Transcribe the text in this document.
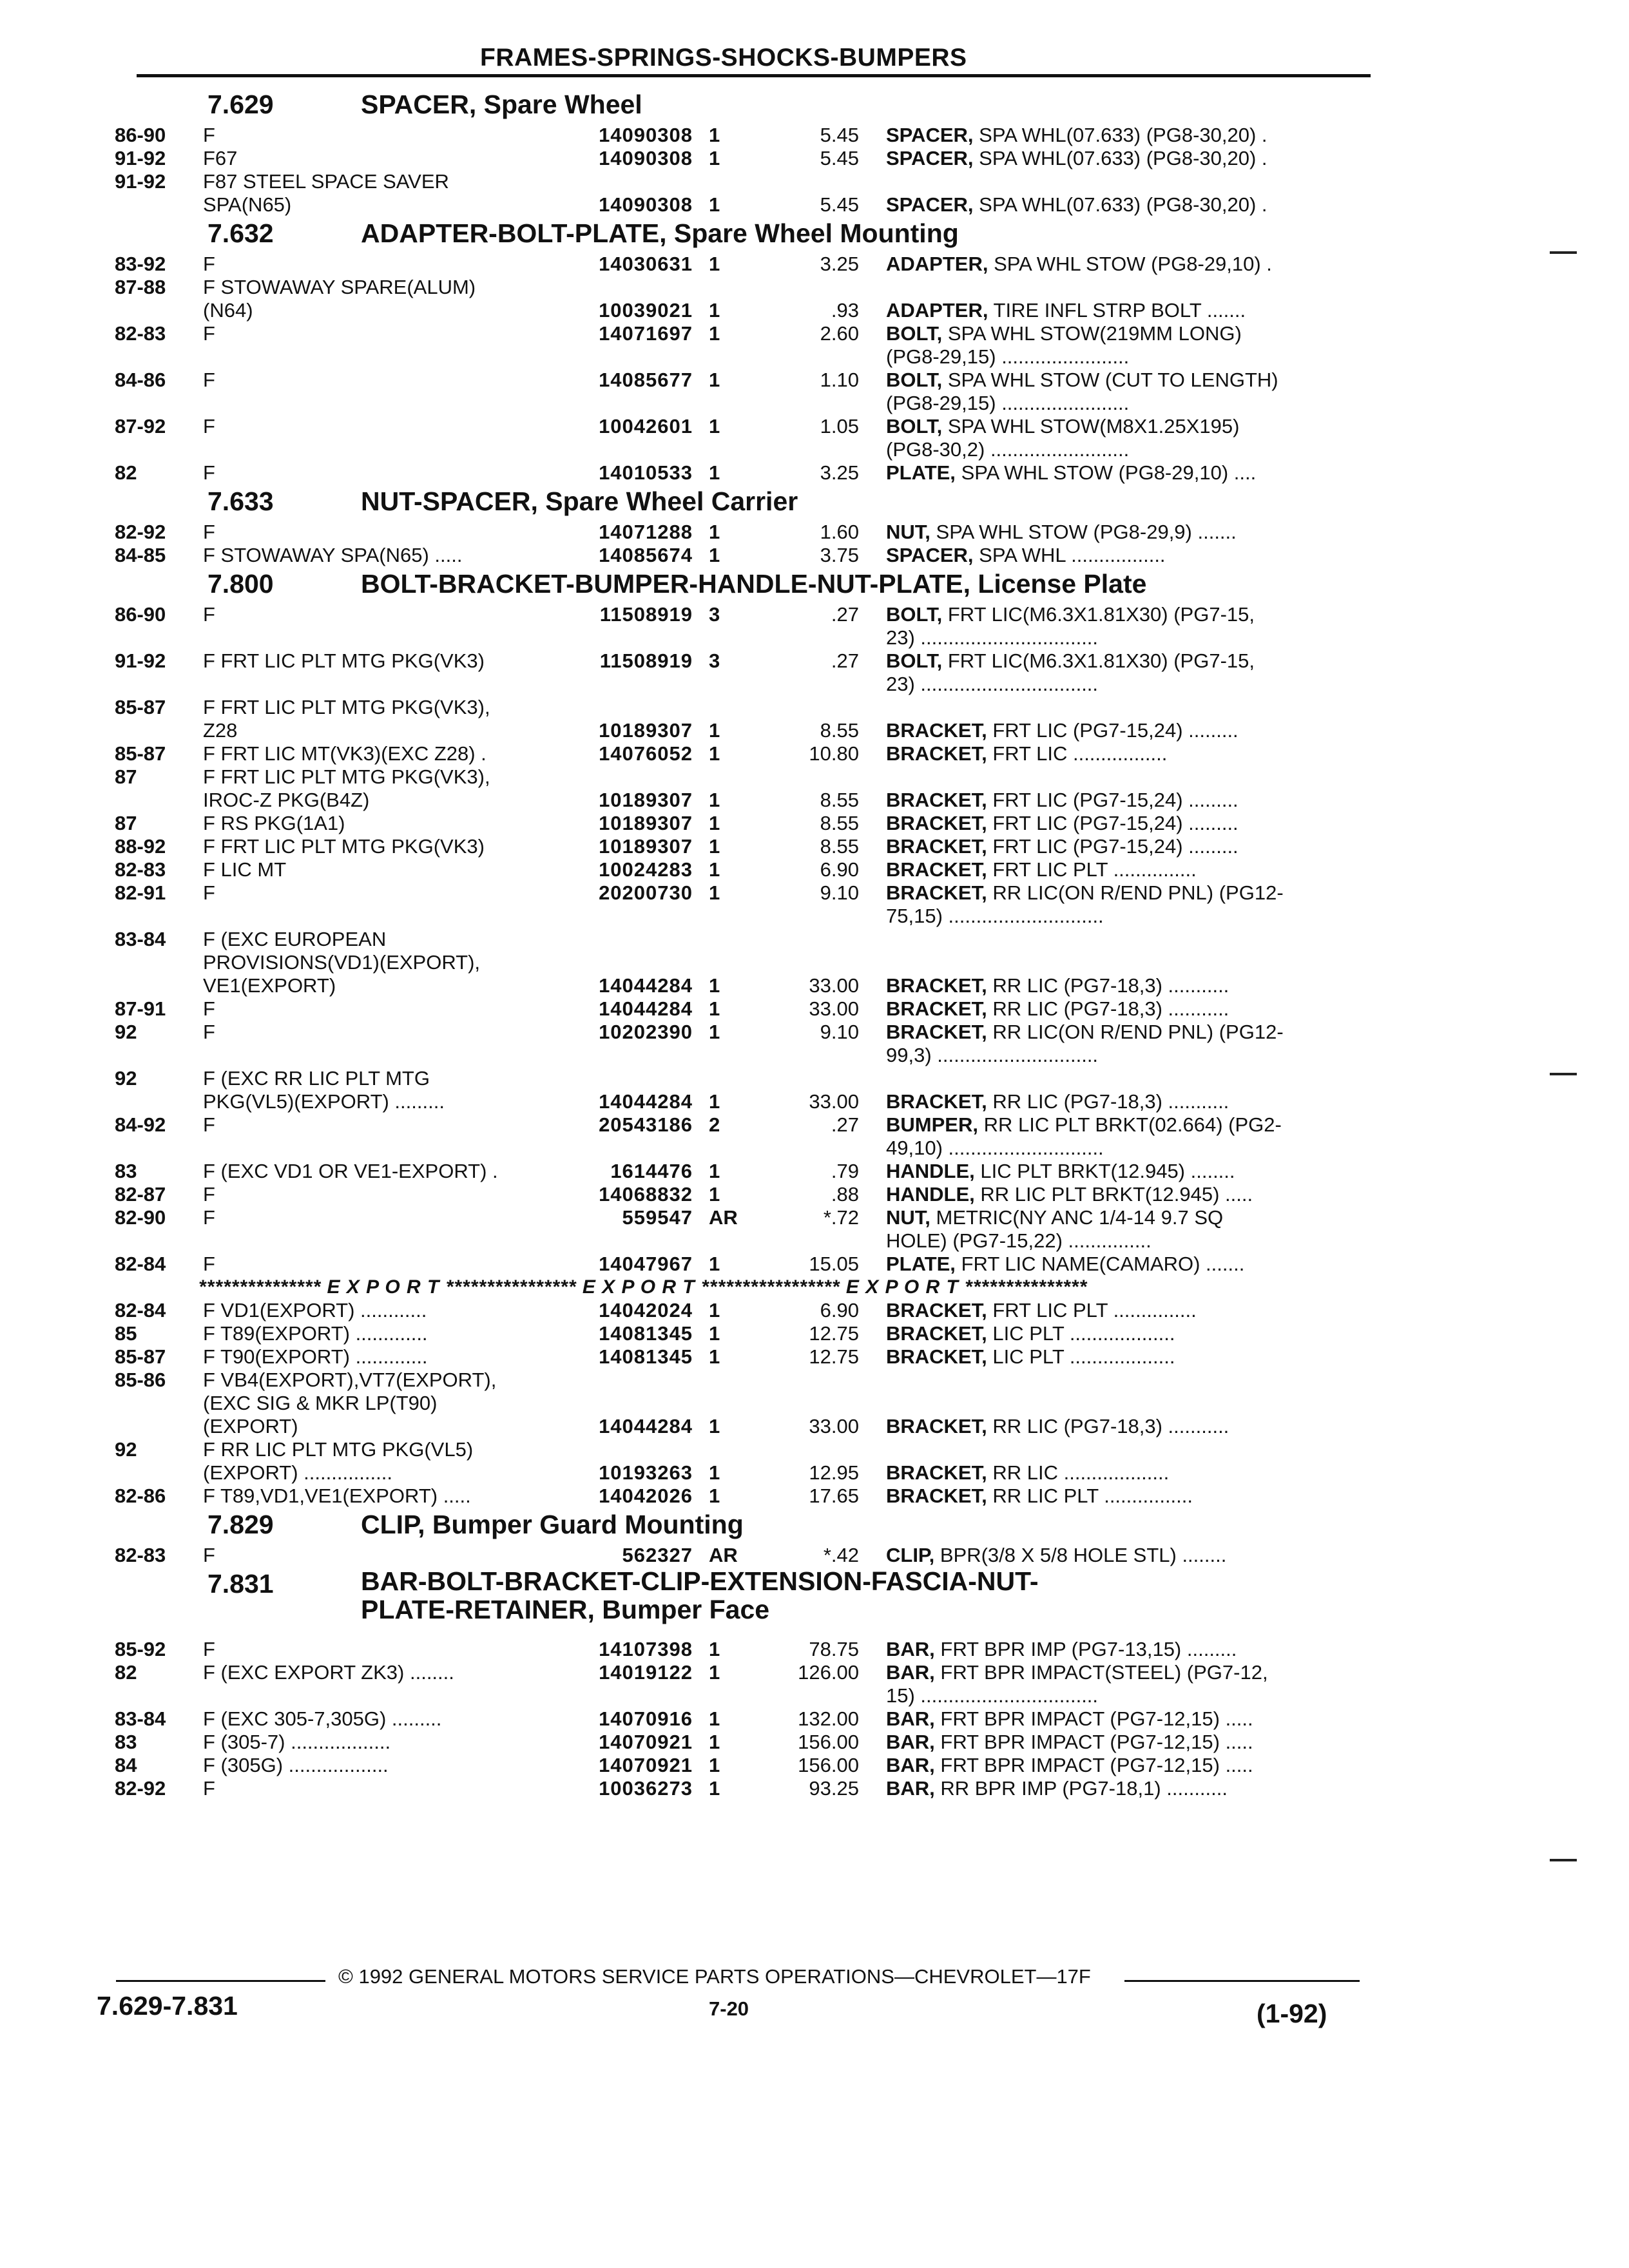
FRAMES-SPRINGS-SHOCKS-BUMPERS
7.629	SPACER, Spare Wheel
86-90	F	14090308 1	5.45 SPACER, SPA WHL(07.633) (PG8-30,20) .
91-92	F67	14090308 1	5.45 SPACER, SPA WHL(07.633) (PG8-30,20) .
91-92	F87 STEEL SPACE SAVER
SPA(N65)	14090308 1	5.45 SPACER, SPA WHL(07.633) (PG8-30,20) .
7.632	ADAPTER-BOLT-PLATE, Spare Wheel Mounting
83-92	F	14030631 1	3.25 ADAPTER, SPA WHL STOW (PG8-29,10) .
87-88	F STOWAWAY SPARE(ALUM)
(N64)	10039021 1	.93 ADAPTER, TIRE INFL STRP BOLT .......
82-83	F	14071697 1	2.60 BOLT, SPA WHL STOW(219MM LONG)
(PG8-29,15) .......................
84-86	F	14085677 1	1.10 BOLT, SPA WHL STOW (CUT TO LENGTH)
(PG8-29,15) .......................
87-92	F	10042601 1	1.05 BOLT, SPA WHL STOW(M8X1.25X195)
(PG8-30,2) .........................
82	F	14010533 1	3.25 PLATE, SPA WHL STOW (PG8-29,10) ....
7.633	NUT-SPACER, Spare Wheel Carrier
82-92	F	14071288 1	1.60 NUT, SPA WHL STOW (PG8-29,9) .......
84-85	F STOWAWAY SPA(N65) .....	14085674 1	3.75 SPACER, SPA WHL .................
7.800	BOLT-BRACKET-BUMPER-HANDLE-NUT-PLATE, License Plate
86-90	F	11508919 3	.27 BOLT, FRT LIC(M6.3X1.81X30) (PG7-15,
23) ................................
91-92	F FRT LIC PLT MTG PKG(VK3)	11508919 3	.27 BOLT, FRT LIC(M6.3X1.81X30) (PG7-15,
23) ................................
85-87	F FRT LIC PLT MTG PKG(VK3),
Z28	10189307 1	8.55 BRACKET, FRT LIC (PG7-15,24) .........
85-87	F FRT LIC MT(VK3)(EXC Z28) .	14076052 1	10.80 BRACKET, FRT LIC .................
87	F FRT LIC PLT MTG PKG(VK3),
IROC-Z PKG(B4Z)	10189307 1	8.55 BRACKET, FRT LIC (PG7-15,24) .........
87	F RS PKG(1A1)	10189307 1	8.55 BRACKET, FRT LIC (PG7-15,24) .........
88-92	F FRT LIC PLT MTG PKG(VK3)	10189307 1	8.55 BRACKET, FRT LIC (PG7-15,24) .........
82-83	F LIC MT	10024283 1	6.90 BRACKET, FRT LIC PLT ...............
82-91	F	20200730 1	9.10 BRACKET, RR LIC(ON R/END PNL) (PG12-
75,15) ............................
83-84	F (EXC EUROPEAN
PROVISIONS(VD1)(EXPORT),
VE1(EXPORT)	14044284 1	33.00 BRACKET, RR LIC (PG7-18,3) ...........
87-91	F	14044284 1	33.00 BRACKET, RR LIC (PG7-18,3) ...........
92	F	10202390 1	9.10 BRACKET, RR LIC(ON R/END PNL) (PG12-
99,3) .............................
92	F (EXC RR LIC PLT MTG
PKG(VL5)(EXPORT) .........	14044284 1	33.00 BRACKET, RR LIC (PG7-18,3) ...........
84-92	F	20543186 2	.27 BUMPER, RR LIC PLT BRKT(02.664) (PG2-
49,10) ............................
83	F (EXC VD1 OR VE1-EXPORT) .	1614476 1	.79 HANDLE, LIC PLT BRKT(12.945) ........
82-87	F	14068832 1	.88 HANDLE, RR LIC PLT BRKT(12.945) .....
82-90	F	559547 AR	*.72 NUT, METRIC(NY ANC 1/4-14 9.7 SQ
HOLE) (PG7-15,22) ...............
82-84	F	14047967 1	15.05 PLATE, FRT LIC NAME(CAMARO) .......
*************** E X P O R T **************** E X P O R T ***************** E X P O R T ***************
82-84	F VD1(EXPORT) ............	14042024 1	6.90 BRACKET, FRT LIC PLT ...............
85	F T89(EXPORT) .............	14081345 1	12.75 BRACKET, LIC PLT ...................
85-87	F T90(EXPORT) .............	14081345 1	12.75 BRACKET, LIC PLT ...................
85-86	F VB4(EXPORT),VT7(EXPORT),
(EXC SIG & MKR LP(T90)
(EXPORT)	14044284 1	33.00 BRACKET, RR LIC (PG7-18,3) ...........
92	F RR LIC PLT MTG PKG(VL5)
(EXPORT) ................	10193263 1	12.95 BRACKET, RR LIC ...................
82-86	F T89,VD1,VE1(EXPORT) .....	14042026 1	17.65 BRACKET, RR LIC PLT ................
7.829	CLIP, Bumper Guard Mounting
82-83	F	562327 AR	*.42 CLIP, BPR(3/8 X 5/8 HOLE STL) ........
7.831	BAR-BOLT-BRACKET-CLIP-EXTENSION-FASCIA-NUT-
PLATE-RETAINER, Bumper Face
85-92	F	14107398 1	78.75 BAR, FRT BPR IMP (PG7-13,15) .........
82	F (EXC EXPORT ZK3) ........	14019122 1	126.00 BAR, FRT BPR IMPACT(STEEL) (PG7-12,
15) ................................
83-84	F (EXC 305-7,305G) .........	14070916 1	132.00 BAR, FRT BPR IMPACT (PG7-12,15) .....
83	F (305-7) ..................	14070921 1	156.00 BAR, FRT BPR IMPACT (PG7-12,15) .....
84	F (305G) ..................	14070921 1	156.00 BAR, FRT BPR IMPACT (PG7-12,15) .....
82-92	F	10036273 1	93.25 BAR, RR BPR IMP (PG7-18,1) ...........
© 1992 GENERAL MOTORS SERVICE PARTS OPERATIONS—CHEVROLET—17F
7.629-7.831	7-20	(1-92)
